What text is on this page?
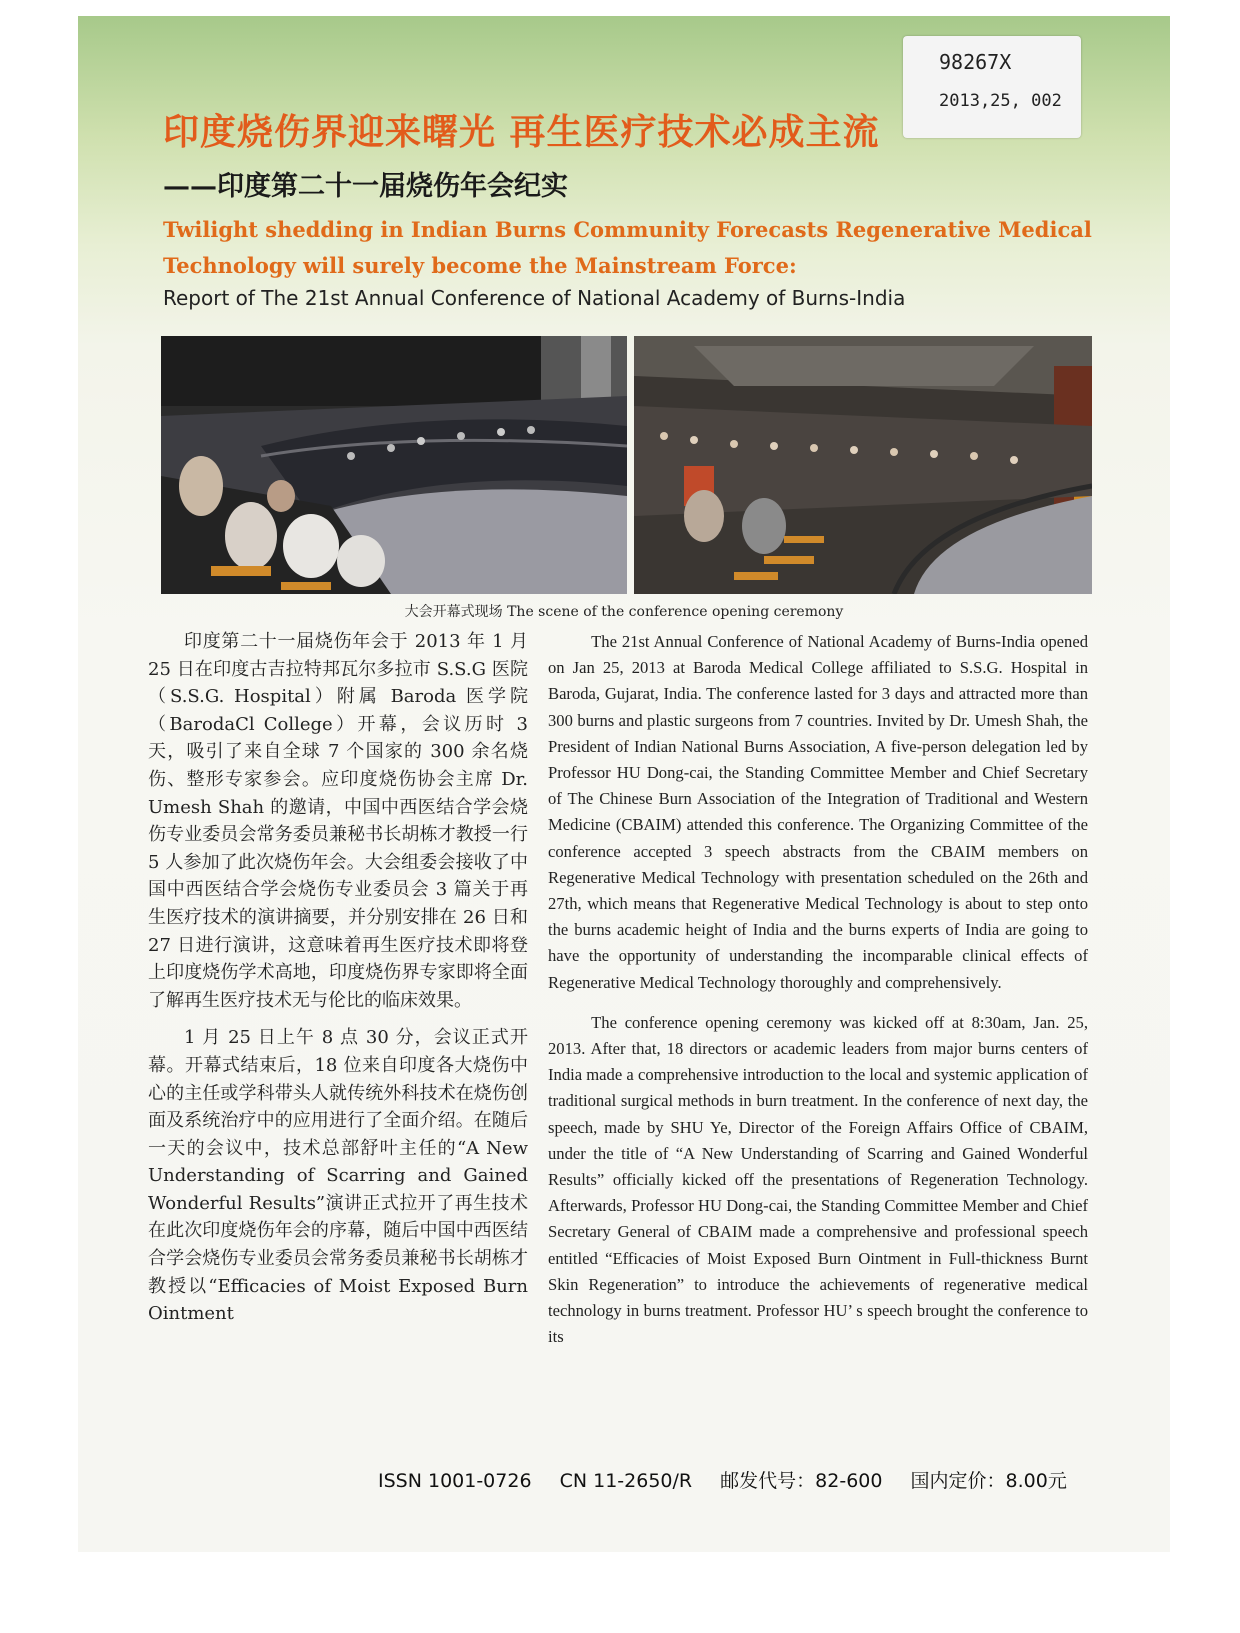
98267X
2013,25, 002
印度烧伤界迎来曙光 再生医疗技术必成主流
——印度第二十一届烧伤年会纪实
Twilight shedding in Indian Burns Community Forecasts Regenerative Medical
Technology will surely become the Mainstream Force:
Report of The 21st Annual Conference of National Academy of Burns-India
大会开幕式现场 The scene of the conference opening ceremony

印度第二十一届烧伤年会于 2013 年 1 月 25 日在印度古吉拉特邦瓦尔多拉市 S.S.G 医院（S.S.G. Hospital）附属 Baroda 医学院（BarodaCl College）开幕，会议历时 3 天，吸引了来自全球 7 个国家的 300 余名烧伤、整形专家参会。应印度烧伤协会主席 Dr. Umesh Shah 的邀请，中国中西医结合学会烧伤专业委员会常务委员兼秘书长胡栋才教授一行 5 人参加了此次烧伤年会。大会组委会接收了中国中西医结合学会烧伤专业委员会 3 篇关于再生医疗技术的演讲摘要，并分别安排在 26 日和 27 日进行演讲，这意味着再生医疗技术即将登上印度烧伤学术高地，印度烧伤界专家即将全面了解再生医疗技术无与伦比的临床效果。

1 月 25 日上午 8 点 30 分，会议正式开幕。开幕式结束后，18 位来自印度各大烧伤中心的主任或学科带头人就传统外科技术在烧伤创面及系统治疗中的应用进行了全面介绍。在随后一天的会议中，技术总部舒叶主任的“A New Understanding of Scarring and Gained Wonderful Results”演讲正式拉开了再生技术在此次印度烧伤年会的序幕，随后中国中西医结合学会烧伤专业委员会常务委员兼秘书长胡栋才教授以“Efficacies of Moist Exposed Burn Ointment

The 21st Annual Conference of National Academy of Burns-India opened on Jan 25, 2013 at Baroda Medical College affiliated to S.S.G. Hospital in Baroda, Gujarat, India. The conference lasted for 3 days and attracted more than 300 burns and plastic surgeons from 7 countries. Invited by Dr. Umesh Shah, the President of Indian National Burns Association, A five-person delegation led by Professor HU Dong-cai, the Standing Committee Member and Chief Secretary of The Chinese Burn Association of the Integration of Traditional and Western Medicine (CBAIM) attended this conference. The Organizing Committee of the conference accepted 3 speech abstracts from the CBAIM members on Regenerative Medical Technology with presentation scheduled on the 26th and 27th, which means that Regenerative Medical Technology is about to step onto the burns academic height of India and the burns experts of India are going to have the opportunity of understanding the incomparable clinical effects of Regenerative Medical Technology thoroughly and comprehensively.

The conference opening ceremony was kicked off at 8:30am, Jan. 25, 2013. After that, 18 directors or academic leaders from major burns centers of India made a comprehensive introduction to the local and systemic application of traditional surgical methods in burn treatment. In the conference of next day, the speech, made by SHU Ye, Director of the Foreign Affairs Office of CBAIM, under the title of “A New Understanding of Scarring and Gained Wonderful Results” officially kicked off the presentations of Regeneration Technology. Afterwards, Professor HU Dong-cai, the Standing Committee Member and Chief Secretary General of CBAIM made a comprehensive and professional speech entitled “Efficacies of Moist Exposed Burn Ointment in Full-thickness Burnt Skin Regeneration” to introduce the achievements of regenerative medical technology in burns treatment. Professor HU’ s speech brought the conference to its

ISSN 1001-0726 CN 11-2650/R 邮发代号：82-600 国内定价：8.00元
